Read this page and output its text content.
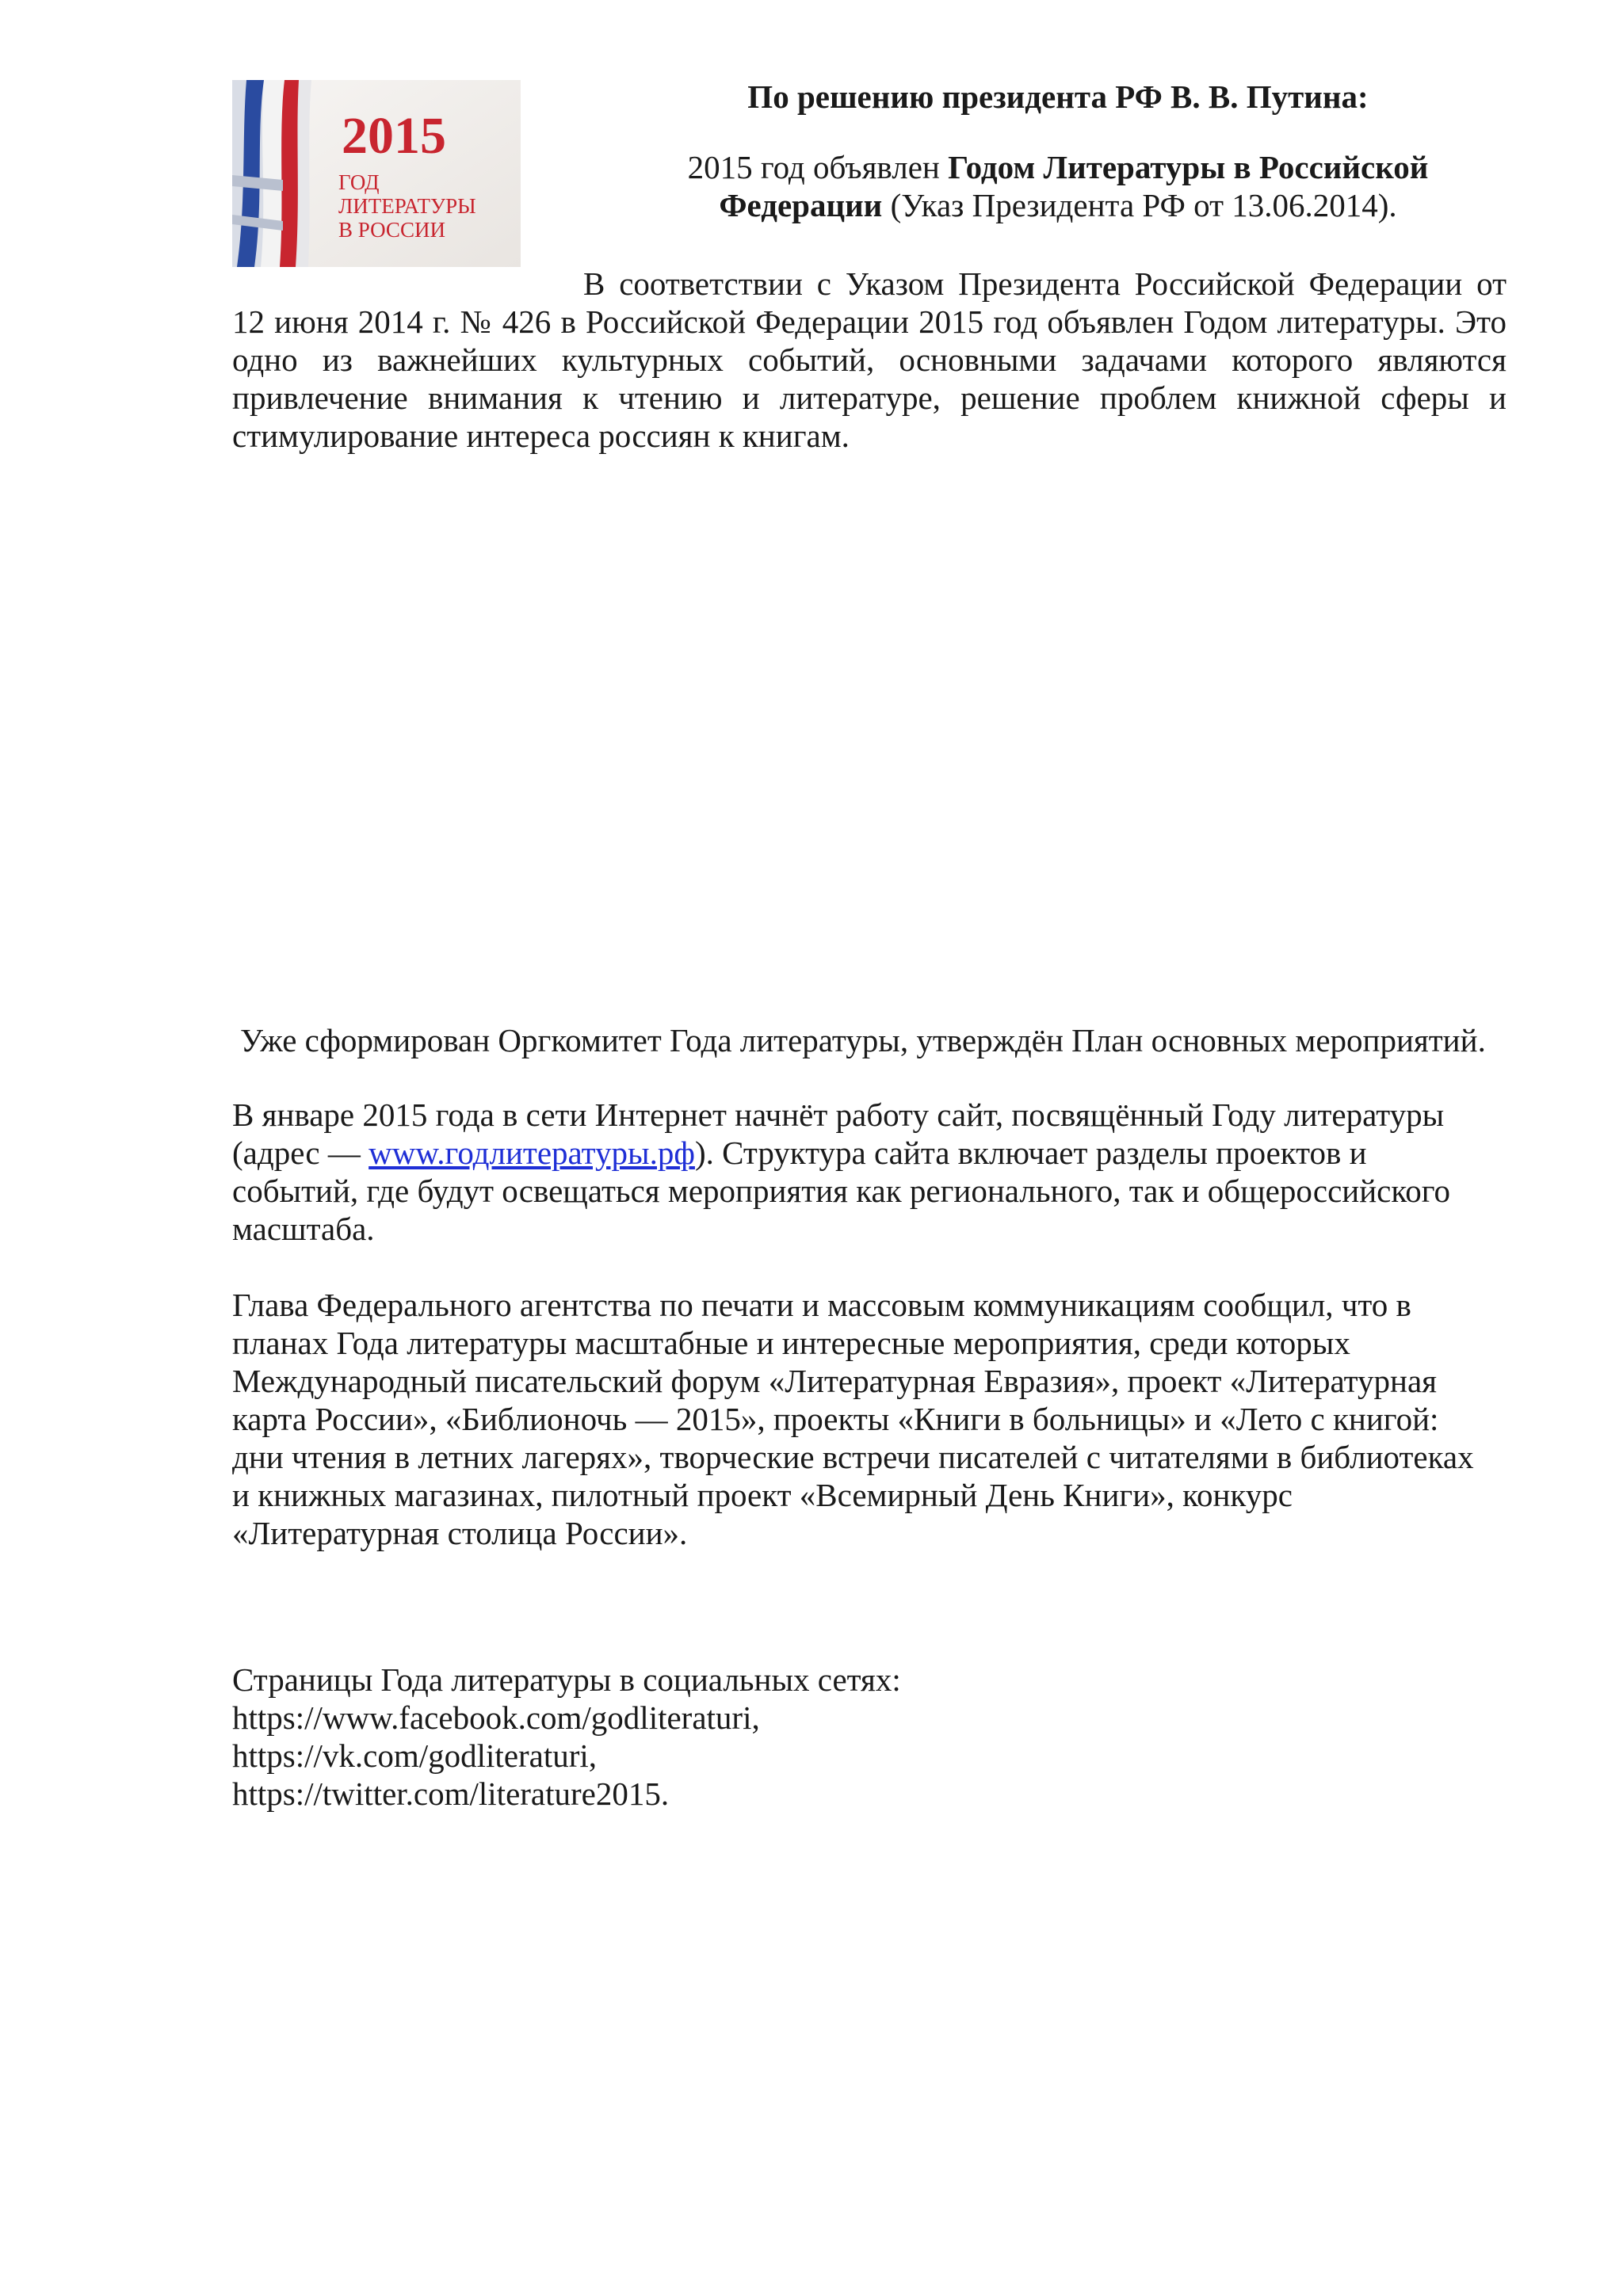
2015
ГОД
ЛИТЕРАТУРЫ
В РОССИИ
По решению президента РФ В. В. Путина:
2015 год объявлен Годом Литературы в Российской
Федерации (Указ Президента РФ от 13.06.2014).
В соответствии с Указом Президента Российской Федерации от
12 июня 2014 г. № 426 в Российской Федерации 2015 год объявлен Годом литературы. Это
одно из важнейших культурных событий, основными задачами которого являются
привлечение внимания к чтению и литературе, решение проблем книжной сферы и
стимулирование интереса россиян к книгам.
Уже сформирован Оргкомитет Года литературы, утверждён План основных мероприятий.
В январе 2015 года в сети Интернет начнёт работу сайт, посвящённый Году литературы
(адрес — www.годлитературы.рф). Структура сайта включает разделы проектов и
событий, где будут освещаться мероприятия как регионального, так и общероссийского
масштаба.
Глава Федерального агентства по печати и массовым коммуникациям сообщил, что в
планах Года литературы масштабные и интересные мероприятия, среди которых
Международный писательский форум «Литературная Евразия», проект «Литературная
карта России», «Библионочь — 2015», проекты «Книги в больницы» и «Лето с книгой:
дни чтения в летних лагерях», творческие встречи писателей с читателями в библиотеках
и книжных магазинах, пилотный проект «Всемирный День Книги», конкурс
«Литературная столица России».
Страницы Года литературы в социальных сетях:
https://www.facebook.com/godliteraturi,
https://vk.com/godliteraturi,
https://twitter.com/literature2015.
